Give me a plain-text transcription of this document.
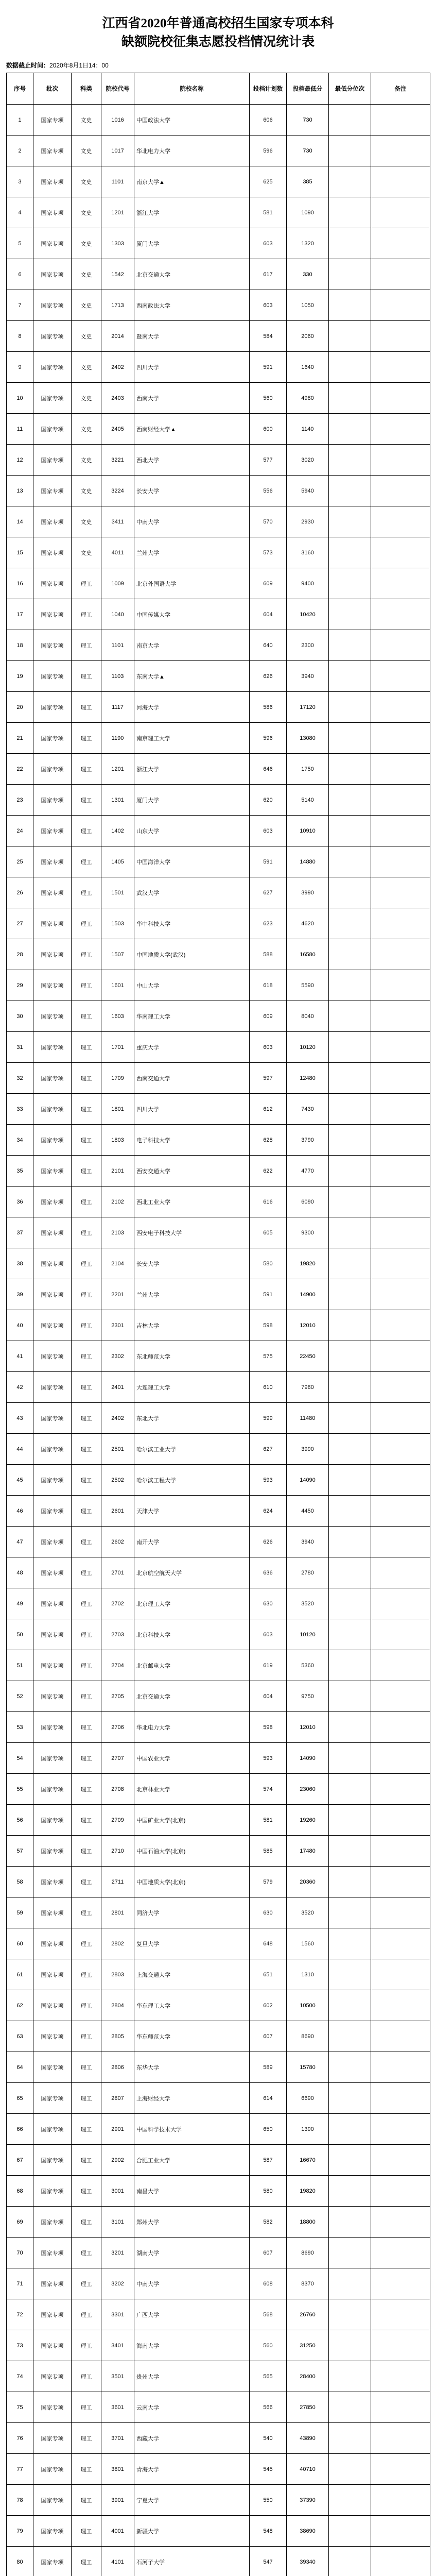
江西省2020年普通高校招生国家专项本科
缺额院校征集志愿投档情况统计表
数据截止时间：2020年8月1日14：00
序号	批次	科类	院校代号	院校名称	投档计划数	投档最低分	最低分位次	备注
1	国家专项	文史	1016	中国政法大学	606	730		
2	国家专项	文史	1017	华北电力大学	596	730		
3	国家专项	文史	1101	南京大学▲	625	385		
4	国家专项	文史	1201	浙江大学	581	1090		
5	国家专项	文史	1303	厦门大学	603	1320		
6	国家专项	文史	1542	北京交通大学	617	330		
7	国家专项	文史	1713	西南政法大学	603	1050		
8	国家专项	文史	2014	暨南大学	584	2060		
9	国家专项	文史	2402	四川大学	591	1640		
10	国家专项	文史	2403	西南大学	560	4980		
11	国家专项	文史	2405	西南财经大学▲	600	1140		
12	国家专项	文史	3221	西北大学	577	3020		
13	国家专项	文史	3224	长安大学	556	5940		
14	国家专项	文史	3411	中南大学	570	2930		
15	国家专项	文史	4011	兰州大学	573	3160		
16	国家专项	理工	1009	北京外国语大学	609	9400		
17	国家专项	理工	1040	中国传媒大学	604	10420		
18	国家专项	理工	1101	南京大学	640	2300		
19	国家专项	理工	1103	东南大学▲	626	3940		
20	国家专项	理工	1117	河海大学	586	17120		
21	国家专项	理工	1190	南京理工大学	596	13080		
22	国家专项	理工	1201	浙江大学	646	1750		
23	国家专项	理工	1301	厦门大学	620	5140		
24	国家专项	理工	1402	山东大学	603	10910		
25	国家专项	理工	1405	中国海洋大学	591	14880		
26	国家专项	理工	1501	武汉大学	627	3990		
27	国家专项	理工	1503	华中科技大学	623	4620		
28	国家专项	理工	1507	中国地质大学(武汉)	588	16580		
29	国家专项	理工	1601	中山大学	618	5590		
30	国家专项	理工	1603	华南理工大学	609	8040		
31	国家专项	理工	1701	重庆大学	603	10120		
32	国家专项	理工	1709	西南交通大学	597	12480		
33	国家专项	理工	1801	四川大学	612	7430		
34	国家专项	理工	1803	电子科技大学	628	3790		
35	国家专项	理工	2101	西安交通大学	622	4770		
36	国家专项	理工	2102	西北工业大学	616	6090		
37	国家专项	理工	2103	西安电子科技大学	605	9300		
38	国家专项	理工	2104	长安大学	580	19820		
39	国家专项	理工	2201	兰州大学	591	14900		
40	国家专项	理工	2301	吉林大学	598	12010		
41	国家专项	理工	2302	东北师范大学	575	22450		
42	国家专项	理工	2401	大连理工大学	610	7980		
43	国家专项	理工	2402	东北大学	599	11480		
44	国家专项	理工	2501	哈尔滨工业大学	627	3990		
45	国家专项	理工	2502	哈尔滨工程大学	593	14090		
46	国家专项	理工	2601	天津大学	624	4450		
47	国家专项	理工	2602	南开大学	626	3940		
48	国家专项	理工	2701	北京航空航天大学	636	2780		
49	国家专项	理工	2702	北京理工大学	630	3520		
50	国家专项	理工	2703	北京科技大学	603	10120		
51	国家专项	理工	2704	北京邮电大学	619	5360		
52	国家专项	理工	2705	北京交通大学	604	9750		
53	国家专项	理工	2706	华北电力大学	598	12010		
54	国家专项	理工	2707	中国农业大学	593	14090		
55	国家专项	理工	2708	北京林业大学	574	23060		
56	国家专项	理工	2709	中国矿业大学(北京)	581	19260		
57	国家专项	理工	2710	中国石油大学(北京)	585	17480		
58	国家专项	理工	2711	中国地质大学(北京)	579	20360		
59	国家专项	理工	2801	同济大学	630	3520		
60	国家专项	理工	2802	复旦大学	648	1560		
61	国家专项	理工	2803	上海交通大学	651	1310		
62	国家专项	理工	2804	华东理工大学	602	10500		
63	国家专项	理工	2805	华东师范大学	607	8690		
64	国家专项	理工	2806	东华大学	589	15780		
65	国家专项	理工	2807	上海财经大学	614	6690		
66	国家专项	理工	2901	中国科学技术大学	650	1390		
67	国家专项	理工	2902	合肥工业大学	587	16670		
68	国家专项	理工	3001	南昌大学	580	19820		
69	国家专项	理工	3101	郑州大学	582	18800		
70	国家专项	理工	3201	湖南大学	607	8690		
71	国家专项	理工	3202	中南大学	608	8370		
72	国家专项	理工	3301	广西大学	568	26760		
73	国家专项	理工	3401	海南大学	560	31250		
74	国家专项	理工	3501	贵州大学	565	28400		
75	国家专项	理工	3601	云南大学	566	27850		
76	国家专项	理工	3701	西藏大学	540	43890		
77	国家专项	理工	3801	青海大学	545	40710		
78	国家专项	理工	3901	宁夏大学	550	37390		
79	国家专项	理工	4001	新疆大学	548	38690		
80	国家专项	理工	4101	石河子大学	547	39340		
